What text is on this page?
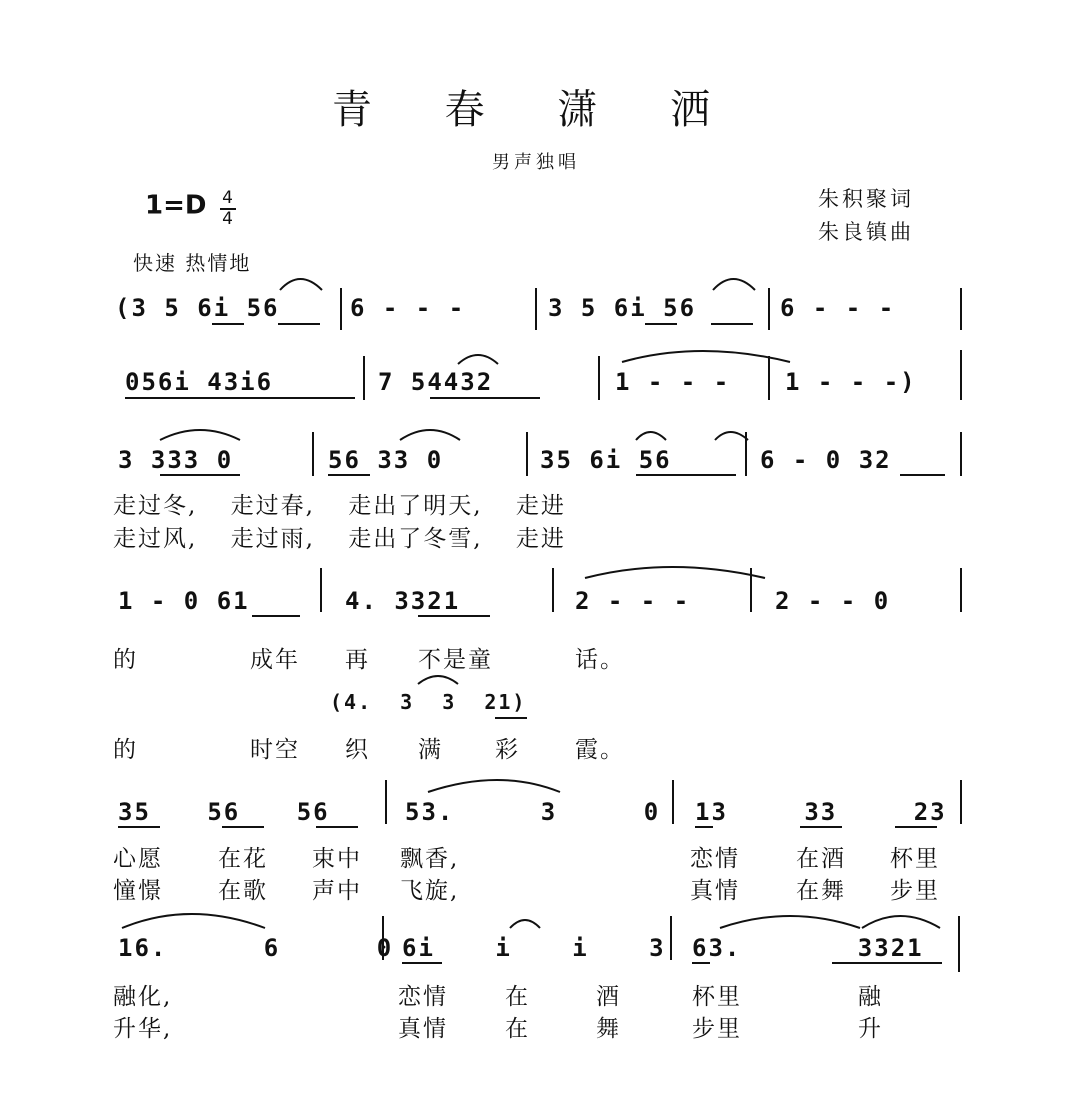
青 春 潇 洒
男声独唱
$1=D \frac{4}{4}$
快速 热情地
朱积聚词
朱良镇曲
(3 5 6i 56	6 - - -	3 5 6i 56	6 - - -
056i 43i6	7 54432	1 - - - 1 - - -)
3 333 0	56 33 0	35 6i 56	6 - 0 32
走过冬, 走过春, 走出了明天, 走进
走过风, 走过雨, 走出了冬雪, 走进
1 - 0 61	4. 3321	2 - - -	2 - - 0
的	成年 再 不是童	话。
(4. 3 3 21)
的	时空 织 满 彩 霞。
35 56 56	53. 3 0 13 33 23
心愿 在花 束中 飘香,	恋情 在酒 杯里
憧憬 在歌 声中 飞旋,	真情 在舞 步里
16. 6 0 6i i i 3 63. 3321
融化,	恋情 在	酒	杯里	融
升华,	真情 在	舞	步里	升
